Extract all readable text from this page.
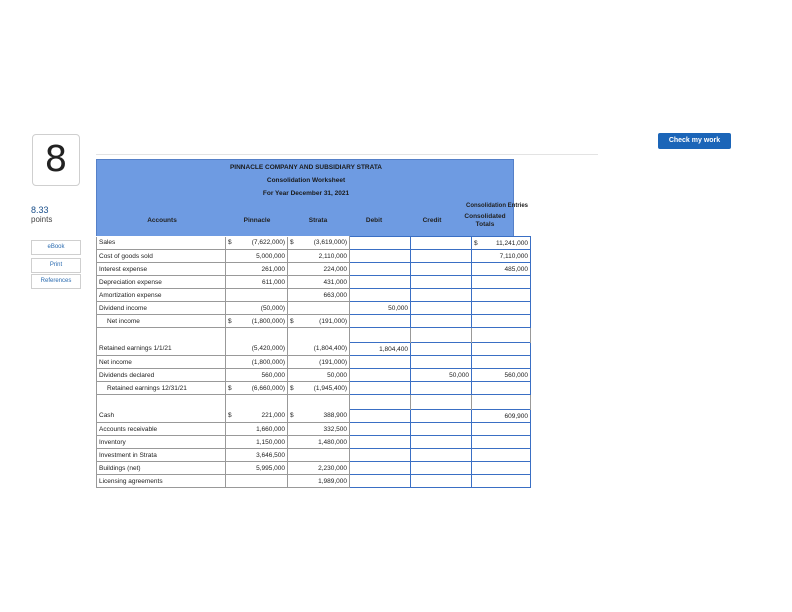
8
8.33
points
eBook
Print
References
Check my work
PINNACLE COMPANY AND SUBSIDIARY STRATA
Consolidation Worksheet
For Year December 31, 2021
Consolidation Entries
Accounts	Pinnacle	Strata	Debit	Credit
Consolidated Totals
Sales	$ (7,622,000)	$ (3,619,000)			$ 11,241,000
Cost of goods sold	5,000,000	2,110,000			7,110,000
Interest expense	261,000	224,000			485,000
Depreciation expense	611,000	431,000			

Amortization expense		663,000			

Dividend income	(50,000)		50,000		

Net income	$ (1,800,000)	$ (191,000)			

Retained earnings 1/1/21	(5,420,000)	(1,804,400)	1,804,400		

Net income	(1,800,000)	(191,000)			

Dividends declared	560,000	50,000		50,000	560,000
Retained earnings 12/31/21	$ (6,660,000)	$ (1,945,400)			

Cash	$ 221,000	$ 388,900			609,900
Accounts receivable	1,660,000	332,500			

Inventory	1,150,000	1,480,000			

Investment in Strata	3,646,500	

Buildings (net)	5,995,000	2,230,000			

Licensing agreements		1,989,000			
